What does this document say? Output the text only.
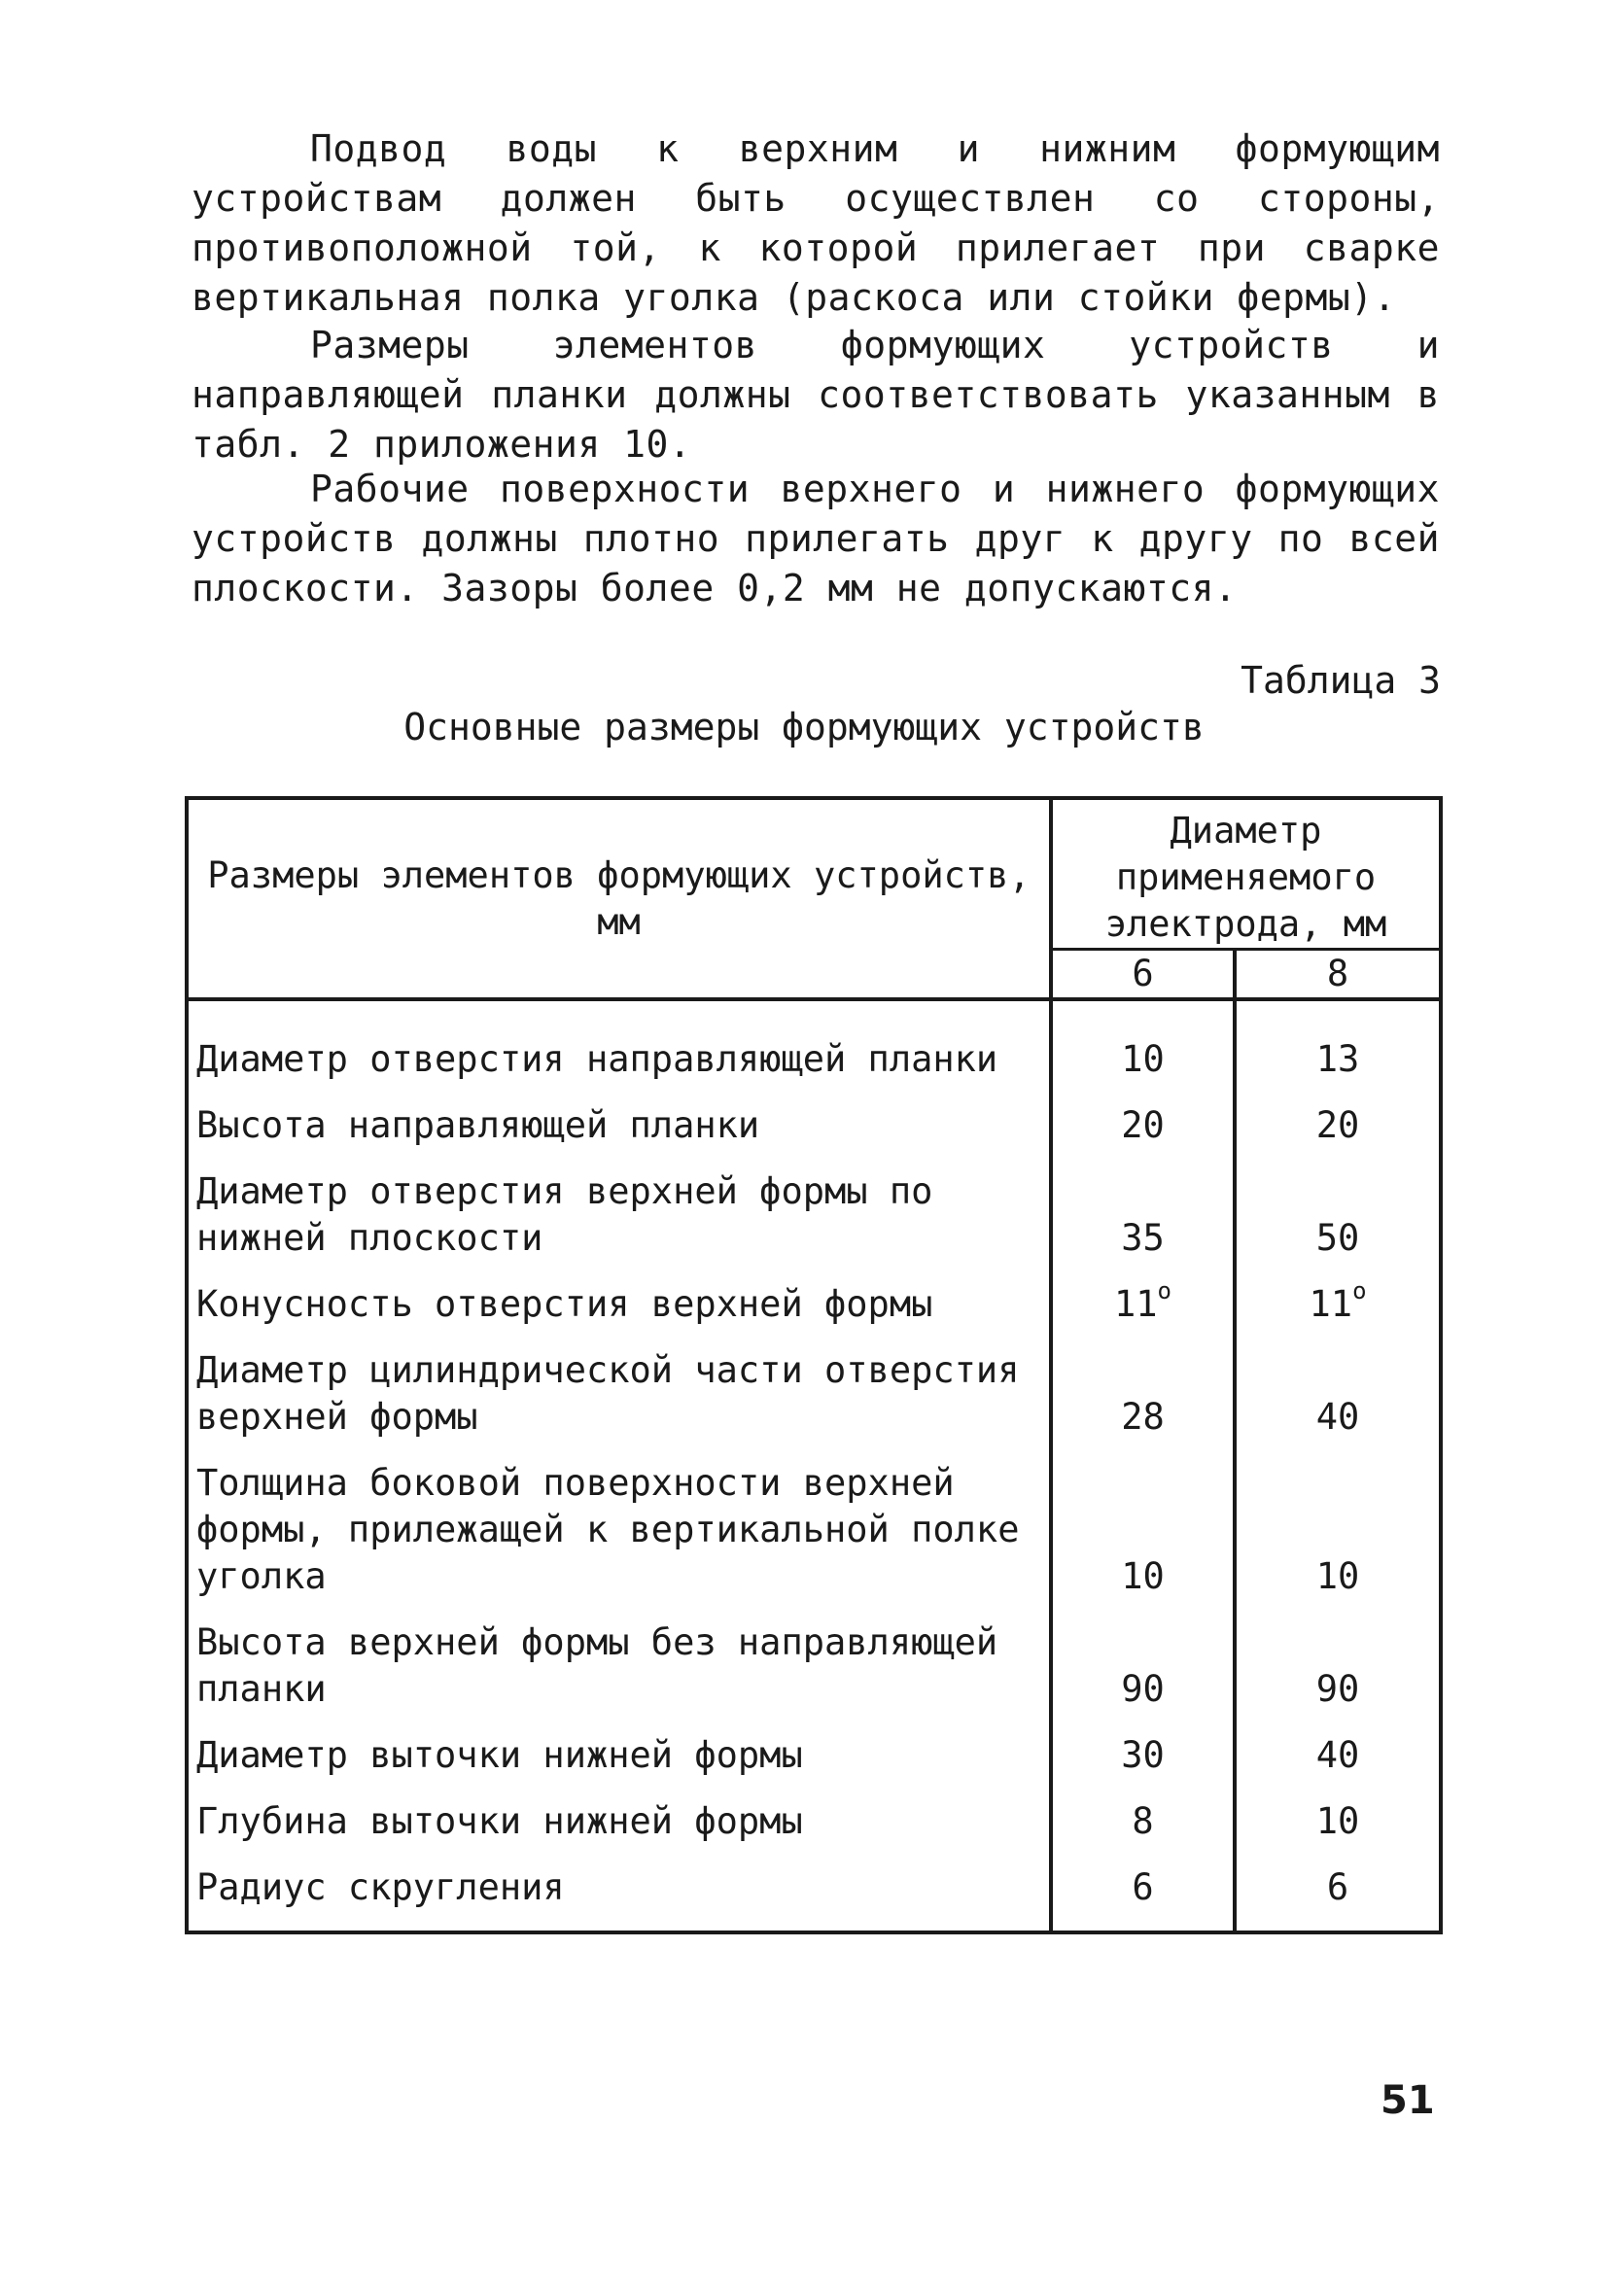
Подвод воды к верхним и нижним формующим устройствам должен быть осуществлен со стороны, противоположной той, к которой прилегает при сварке вертикальная полка уголка (раскоса или стойки фермы).

Размеры элементов формующих устройств и направляющей планки должны соответствовать указанным в табл. 2 приложения 10.

Рабочие поверхности верхнего и нижнего формующих устройств должны плотно прилегать друг к другу по всей плоскости. Зазоры более 0,2 мм не допускаются.

Таблица 3

Основные размеры формующих устройств

Размеры элементов формующих устройств, мм	Диаметр применяемого электрода, мм	
	6	8
Диаметр отверстия направляющей планки	10	13
Высота направляющей планки	20	20
Диаметр отверстия верхней формы по нижней плоскости	35	50
Конусность отверстия верхней формы	11$^o$	11$^o$
Диаметр цилиндрической части отверстия верхней формы	28	40
Толщина боковой поверхности верхней формы, прилежащей к вертикальной полке уголка	10	10
Высота верхней формы без направляющей планки	90	90
Диаметр выточки нижней формы	30	40
Глубина выточки нижней формы	8	10
Радиус скругления	6	6

51
